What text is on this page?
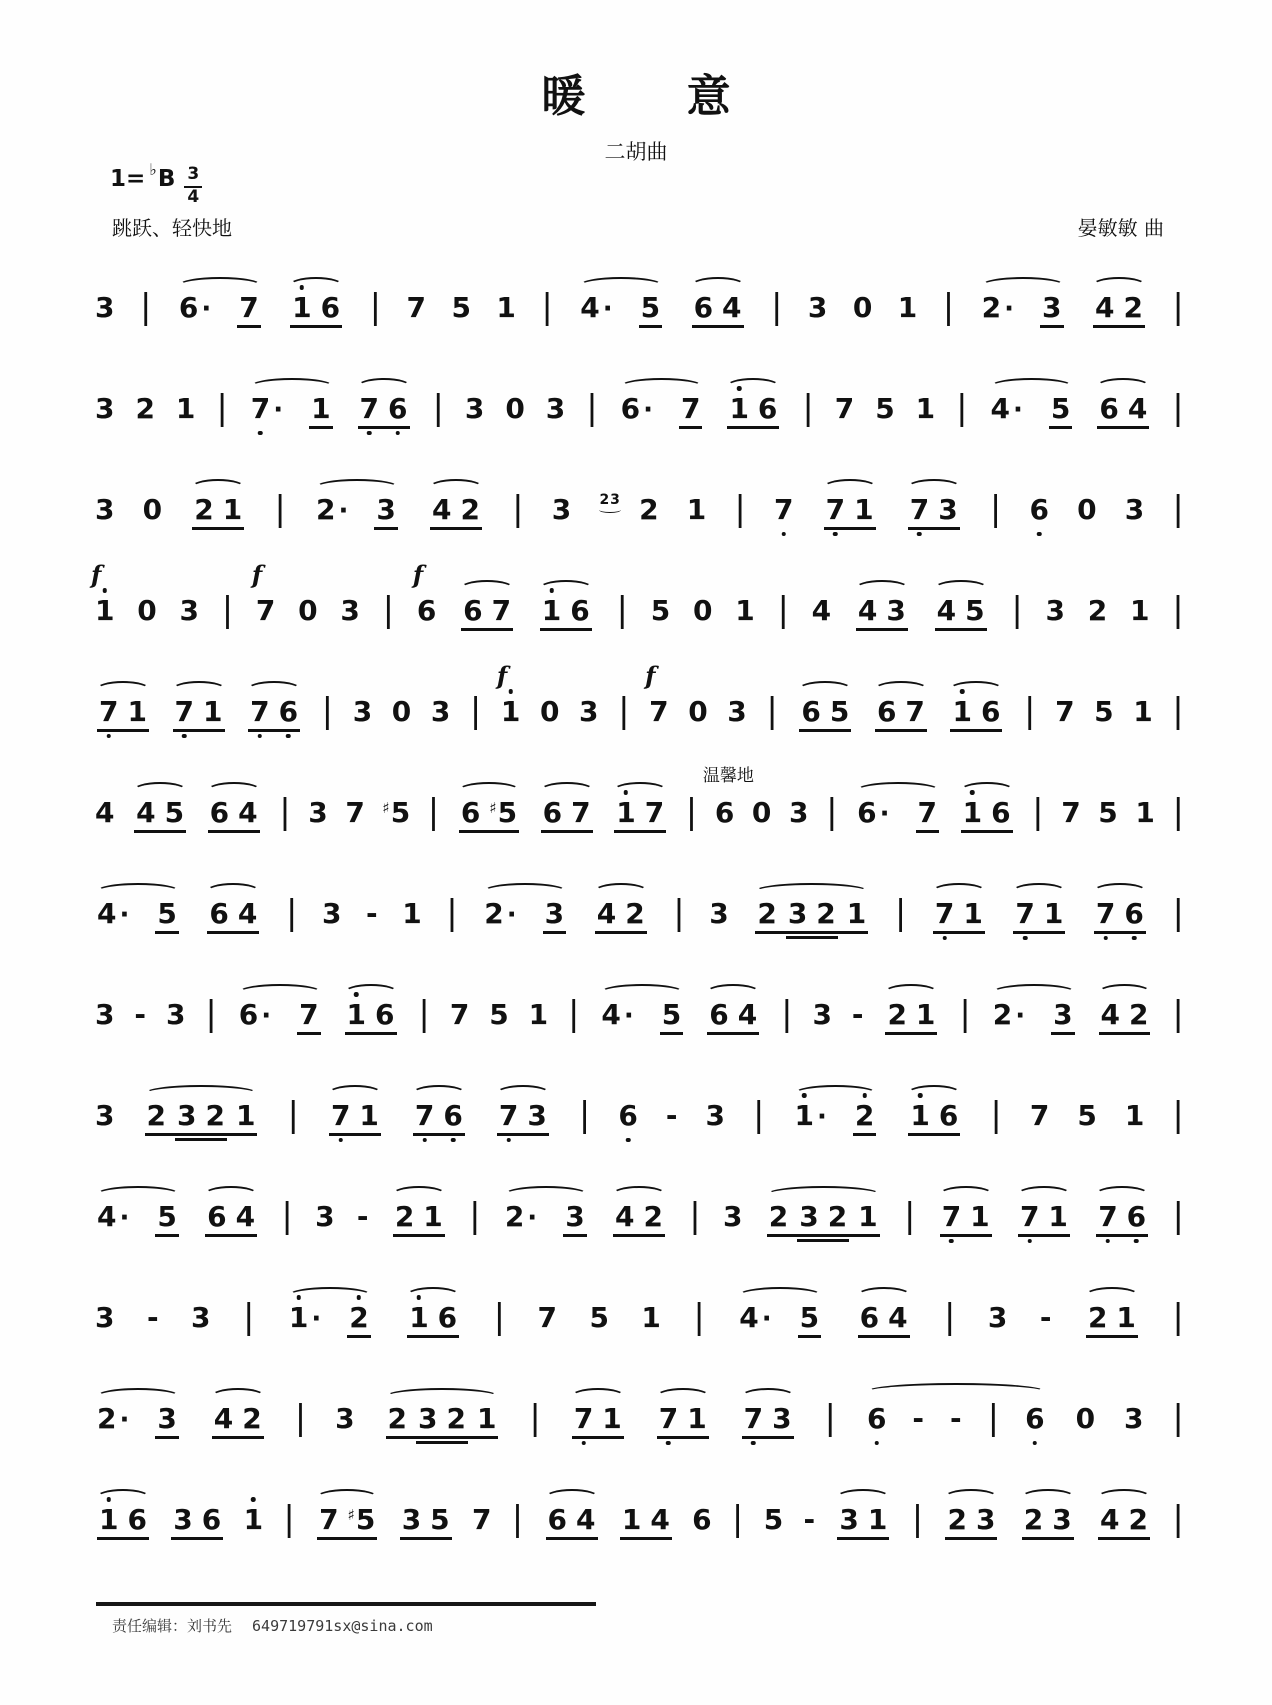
暖意
二胡曲
1= ♭ B $\frac{3}{4}$
跳跃、轻快地	晏敏敏 曲
3 | 6 · 7 1 6 | 7 5 1 | 4 · 5 6 4 | 3 0 1 | 2 · 3 4 2 |
3 2 1 | 7 · 1 7 6 | 3 0 3 | 6 · 7 1 6 | 7 5 1 | 4 · 5 6 4 |
3 0 2 1 | 2 · 3 4 2 | 3 23 2 1 | 7 7 1 7 3 | 6 0 3 |
f
1 0 3 |
f
7 0 3 |
f
6 6 7 1 6 | 5 0 1 | 4 4 3 4 5 | 3 2 1 |
7 1 7 1 7 6 | 3 0 3 |
f
1 0 3 |
f
7 0 3 | 6 5 6 7 1 6 | 7 5 1 |
4 4 5 6 4 | 3 7 ♯ 5 | 6 ♯ 5 6 7 1 7 |
温馨地
6 0 3 | 6 · 7 1 6 | 7 5 1 |
4 · 5 6 4 | 3 - 1 | 2 · 3 4 2 | 3 2 3 2 1 | 7 1 7 1 7 6 |
3 - 3 | 6 · 7 1 6 | 7 5 1 | 4 · 5 6 4 | 3 - 2 1 | 2 · 3 4 2 |
3 2 3 2 1 | 7 1 7 6 7 3 | 6 - 3 | 1 · 2 1 6 | 7 5 1 |
4 · 5 6 4 | 3 - 2 1 | 2 · 3 4 2 | 3 2 3 2 1 | 7 1 7 1 7 6 |
3 - 3 | 1 · 2 1 6 | 7 5 1 | 4 · 5 6 4 | 3 - 2 1 |
2 · 3 4 2 | 3 2 3 2 1 | 7 1 7 1 7 3 | 6 - - | 6 0 3 |
1 6 3 6 1 | 7 ♯ 5 3 5 7 | 6 4 1 4 6 | 5 - 3 1 | 2 3 2 3 4 2 |
责任编辑：刘书先 649719791sx@sina.com
